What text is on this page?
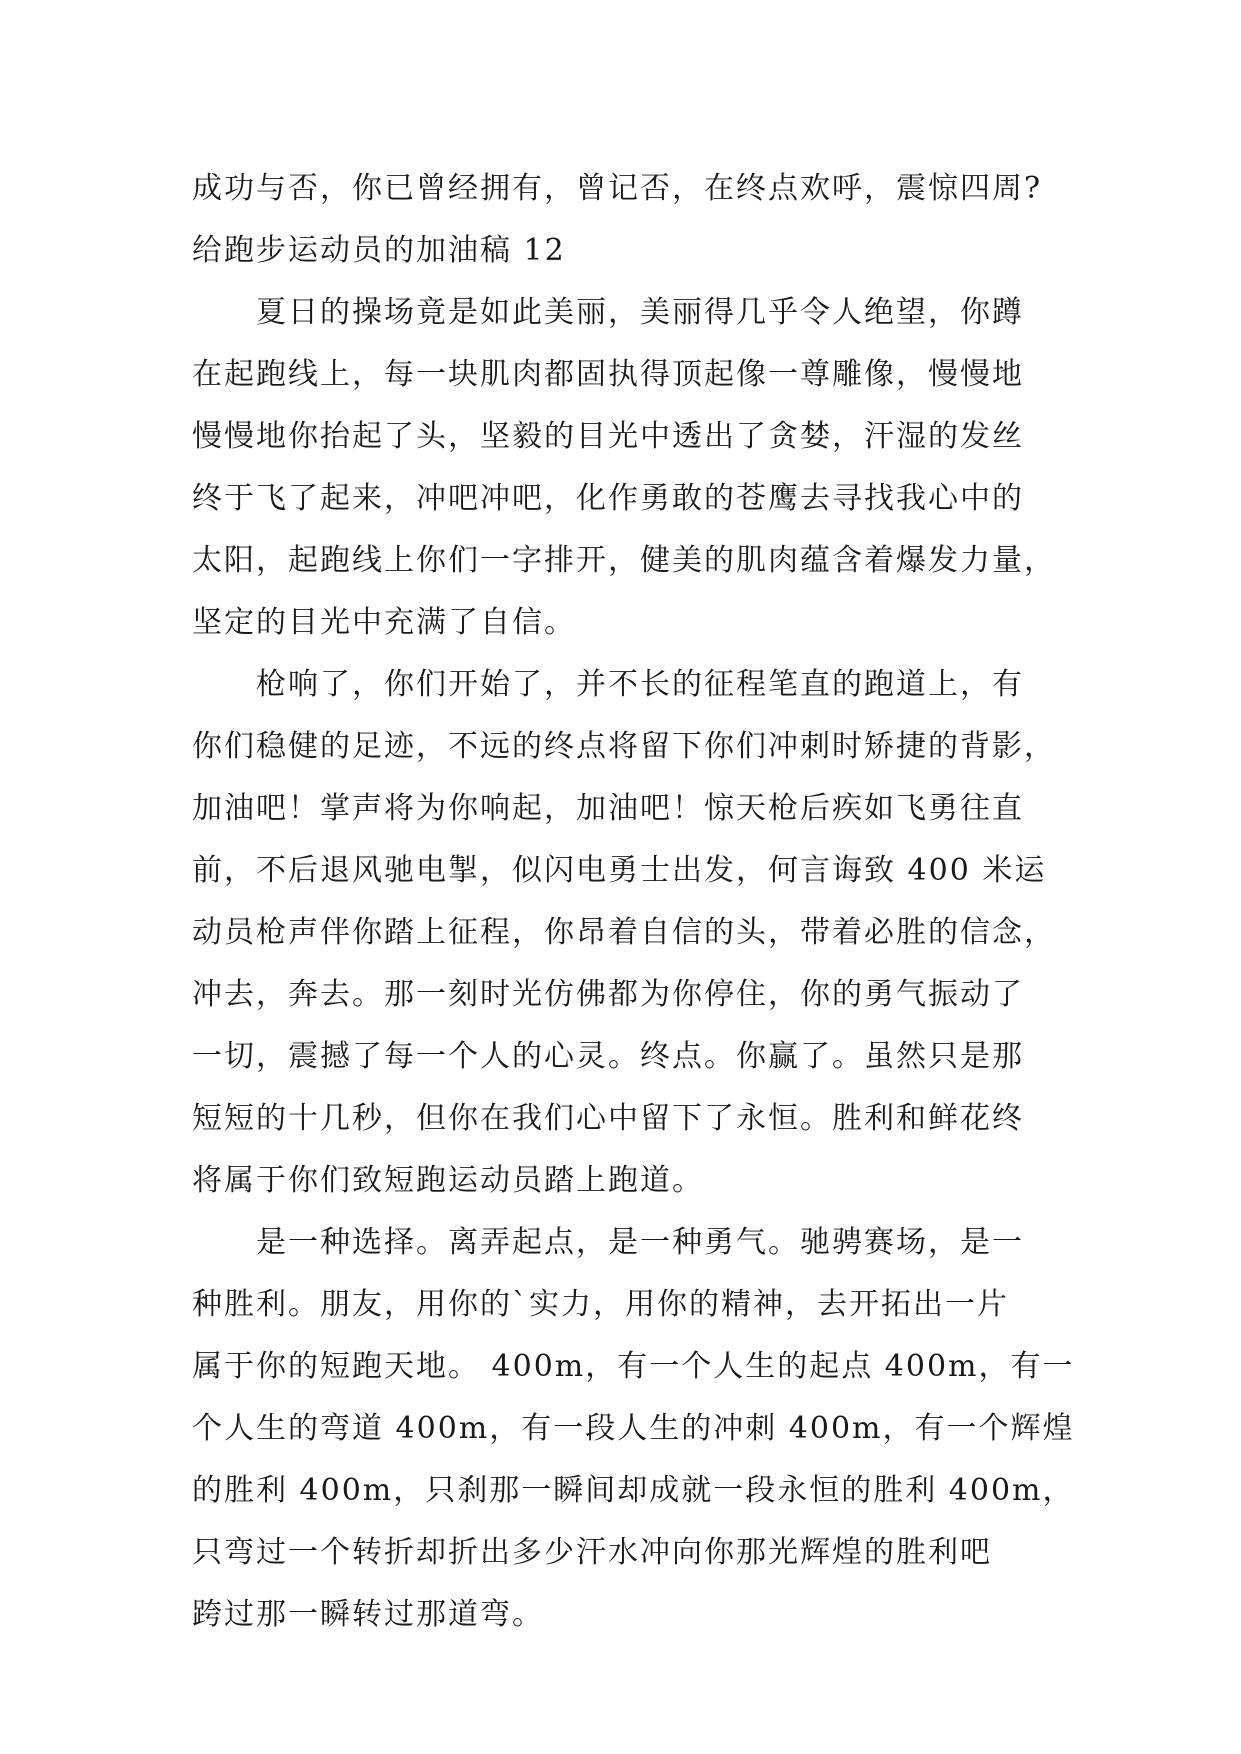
成功与否，你已曾经拥有，曾记否，在终点欢呼，震惊四周?
给跑步运动员的加油稿 12
夏日的操场竟是如此美丽，美丽得几乎令人绝望，你蹲
在起跑线上，每一块肌肉都固执得顶起像一尊雕像，慢慢地
慢慢地你抬起了头，坚毅的目光中透出了贪婪，汗湿的发丝
终于飞了起来，冲吧冲吧，化作勇敢的苍鹰去寻找我心中的
太阳，起跑线上你们一字排开，健美的肌肉蕴含着爆发力量，
坚定的目光中充满了自信。
枪响了，你们开始了，并不长的征程笔直的跑道上，有
你们稳健的足迹，不远的终点将留下你们冲刺时矫捷的背影，
加油吧！掌声将为你响起，加油吧！惊天枪后疾如飞勇往直
前，不后退风驰电掣，似闪电勇士出发，何言诲致 400 米运
动员枪声伴你踏上征程，你昂着自信的头，带着必胜的信念，
冲去，奔去。那一刻时光仿佛都为你停住，你的勇气振动了
一切，震撼了每一个人的心灵。终点。你赢了。虽然只是那
短短的十几秒，但你在我们心中留下了永恒。胜利和鲜花终
将属于你们致短跑运动员踏上跑道。
是一种选择。离弄起点，是一种勇气。驰骋赛场，是一
种胜利。朋友，用你的`实力，用你的精神，去开拓出一片
属于你的短跑天地。 400m，有一个人生的起点 400m，有一
个人生的弯道 400m，有一段人生的冲刺 400m，有一个辉煌
的胜利 400m，只刹那一瞬间却成就一段永恒的胜利 400m，
只弯过一个转折却折出多少汗水冲向你那光辉煌的胜利吧
跨过那一瞬转过那道弯。
